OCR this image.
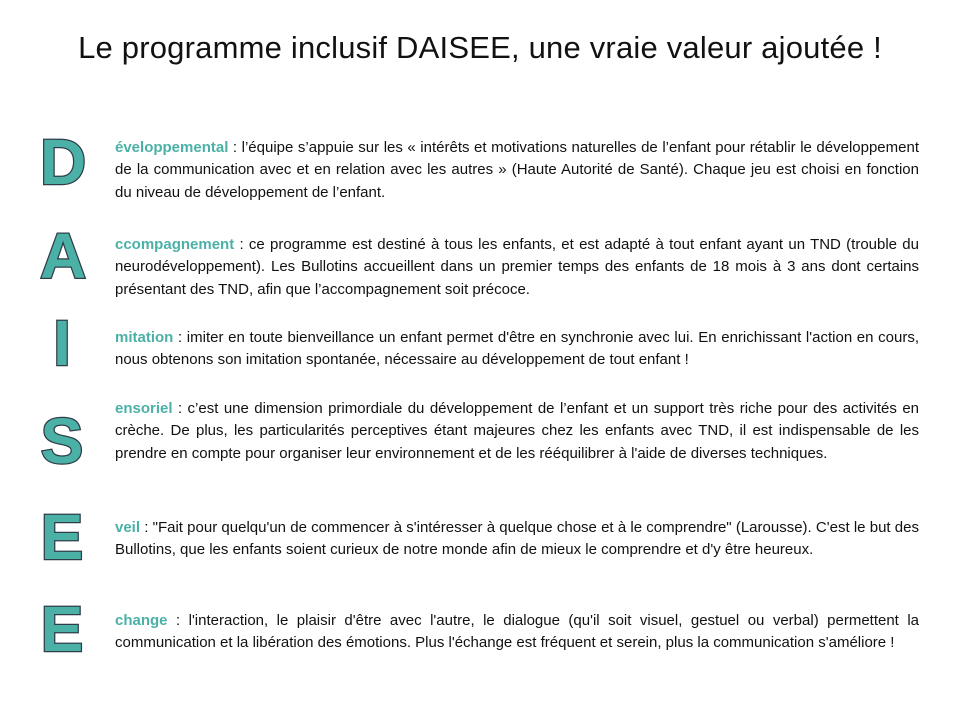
Le programme inclusif DAISEE, une vraie valeur ajoutée !
D
A
I
S
E
E
éveloppemental : l’équipe s’appuie sur les « intérêts et motivations naturelles de l’enfant pour rétablir le développement de la communication avec et en relation avec les autres » (Haute Autorité de Santé). Chaque jeu est choisi en fonction du niveau de développement de l’enfant.
ccompagnement : ce programme est destiné à tous les enfants, et est adapté à tout enfant ayant un TND (trouble du neurodéveloppement). Les Bullotins accueillent dans un premier temps des enfants de 18 mois à 3 ans dont certains présentant des TND, afin que l’accompagnement soit précoce.
mitation : imiter en toute bienveillance un enfant permet d'être en synchronie avec lui. En enrichissant l'action en cours, nous obtenons son imitation spontanée, nécessaire au développement de tout enfant !
ensoriel : c’est une dimension primordiale du développement de l’enfant et un support très riche pour des activités en crèche. De plus, les particularités perceptives étant majeures chez les enfants avec TND, il est indispensable de les prendre en compte pour organiser leur environnement et de les rééquilibrer à l'aide de diverses techniques.
veil : "Fait pour quelqu'un de commencer à s'intéresser à quelque chose et à le comprendre" (Larousse). C'est le but des Bullotins, que les enfants soient curieux de notre monde afin de mieux le comprendre et d'y être heureux.
change : l'interaction, le plaisir d'être avec l'autre, le dialogue (qu'il soit visuel, gestuel ou verbal) permettent la communication et la libération des émotions. Plus l'échange est fréquent et serein, plus la communication s'améliore !
